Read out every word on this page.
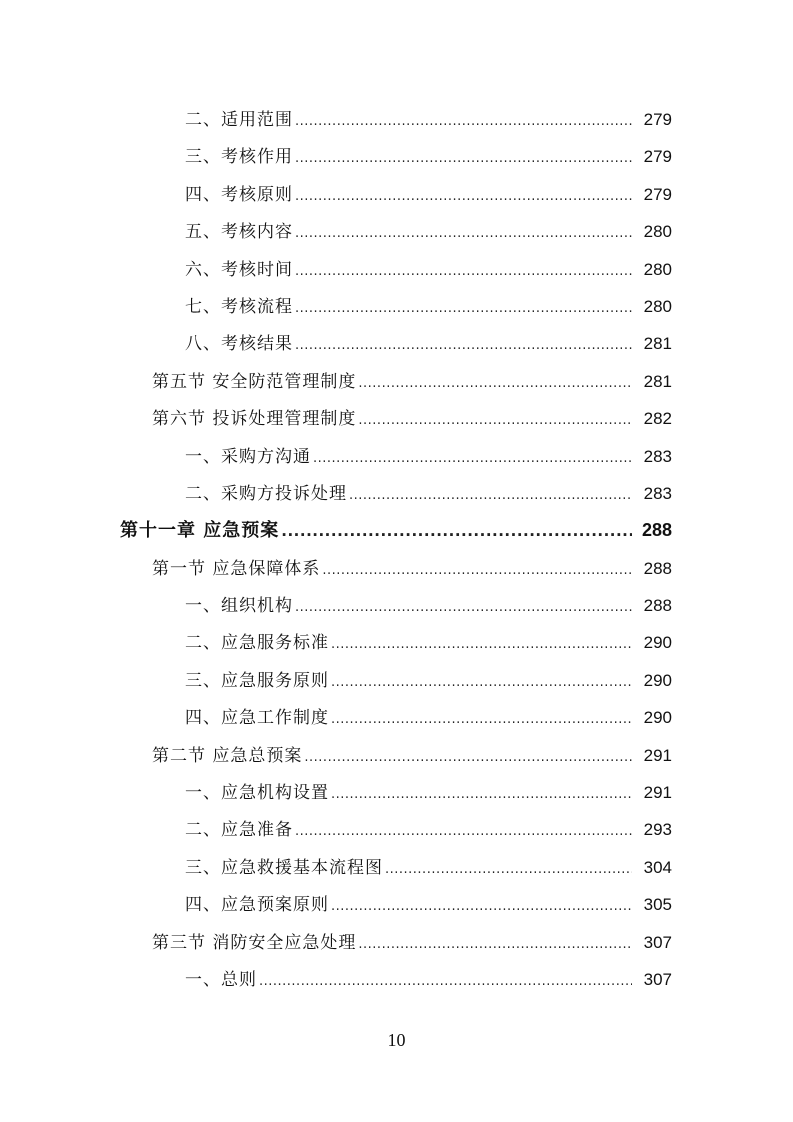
二、适用范围 .....	279
三、考核作用 .....	279
四、考核原则 .....	279
五、考核内容 .....	280
六、考核时间 .....	280
七、考核流程 .....	280
八、考核结果 .....	281
第五节 安全防范管理制度 .....	281
第六节 投诉处理管理制度 .....	282
一、采购方沟通 .....	283
二、采购方投诉处理 .....	283
第十一章 应急预案 .....	288
第一节 应急保障体系 .....	288
一、组织机构 .....	288
二、应急服务标准 .....	290
三、应急服务原则 .....	290
四、应急工作制度 .....	290
第二节 应急总预案 .....	291
一、应急机构设置 .....	291
二、应急准备 .....	293
三、应急救援基本流程图 .....	304
四、应急预案原则 .....	305
第三节 消防安全应急处理 .....	307
一、总则 .....	307
10
